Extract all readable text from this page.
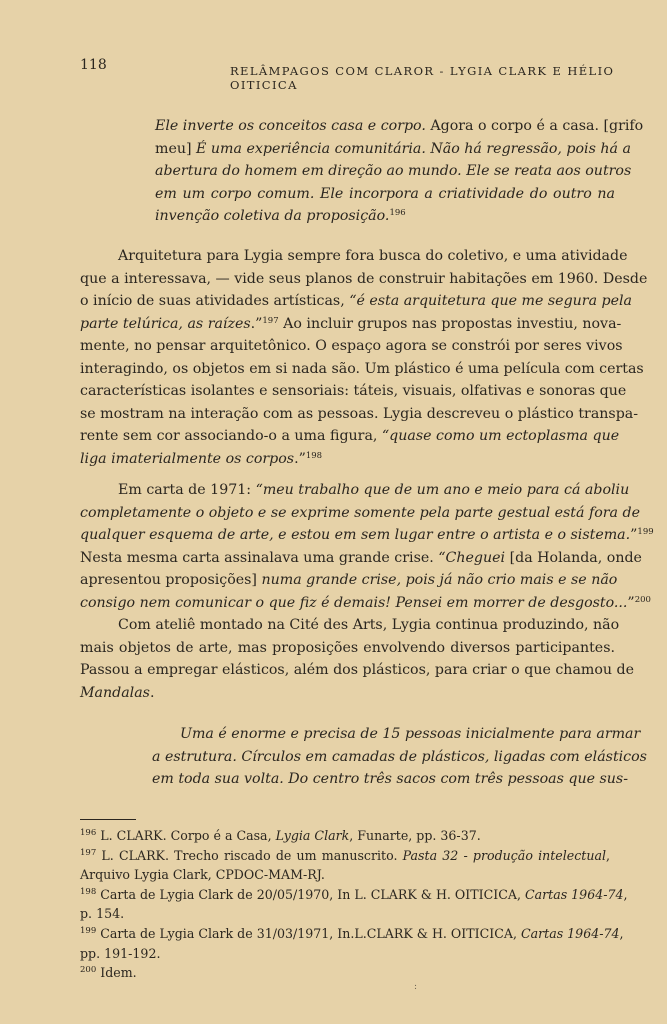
118	RELÂMPAGOS COM CLAROR - LYGIA CLARK E HÉLIO OITICICA
Ele inverte os conceitos casa e corpo. Agora o corpo é a casa. [grifo
meu] É uma experiência comunitária. Não há regressão, pois há a
abertura do homem em direção ao mundo. Ele se reata aos outros
em um corpo comum. Ele incorpora a criatividade do outro na
invenção coletiva da proposição.$^{196}$
Arquitetura para Lygia sempre fora busca do coletivo, e uma atividade
que a interessava, — vide seus planos de construir habitações em 1960. Desde
o início de suas atividades artísticas, “é esta arquitetura que me segura pela
parte telúrica, as raízes.”$^{197}$ Ao incluir grupos nas propostas investiu, nova-
mente, no pensar arquitetônico. O espaço agora se constrói por seres vivos
interagindo, os objetos em si nada são. Um plástico é uma película com certas
características isolantes e sensoriais: táteis, visuais, olfativas e sonoras que
se mostram na interação com as pessoas. Lygia descreveu o plástico transpa-
rente sem cor associando-o a uma figura, “quase como um ectoplasma que
liga imaterialmente os corpos.”$^{198}$
Em carta de 1971: “meu trabalho que de um ano e meio para cá aboliu
completamente o objeto e se exprime somente pela parte gestual está fora de
qualquer esquema de arte, e estou em sem lugar entre o artista e o sistema.”$^{199}$
Nesta mesma carta assinalava uma grande crise. “Cheguei [da Holanda, onde
apresentou proposições] numa grande crise, pois já não crio mais e se não
consigo nem comunicar o que fiz é demais! Pensei em morrer de desgosto...”$^{200}$
Com ateliê montado na Cité des Arts, Lygia continua produzindo, não
mais objetos de arte, mas proposições envolvendo diversos participantes.
Passou a empregar elásticos, além dos plásticos, para criar o que chamou de
Mandalas.
Uma é enorme e precisa de 15 pessoas inicialmente para armar
a estrutura. Círculos em camadas de plásticos, ligadas com elásticos
em toda sua volta. Do centro três sacos com três pessoas que sus-
$^{196}$ L. CLARK. Corpo é a Casa, Lygia Clark, Funarte, pp. 36-37.
$^{197}$ L. CLARK. Trecho riscado de um manuscrito. Pasta 32 - produção intelectual,
Arquivo Lygia Clark, CPDOC-MAM-RJ.
$^{198}$ Carta de Lygia Clark de 20/05/1970, In L. CLARK & H. OITICICA, Cartas 1964-74,
p. 154.
$^{199}$ Carta de Lygia Clark de 31/03/1971, In.L.CLARK & H. OITICICA, Cartas 1964-74,
pp. 191-192.
$^{200}$ Idem.
:
